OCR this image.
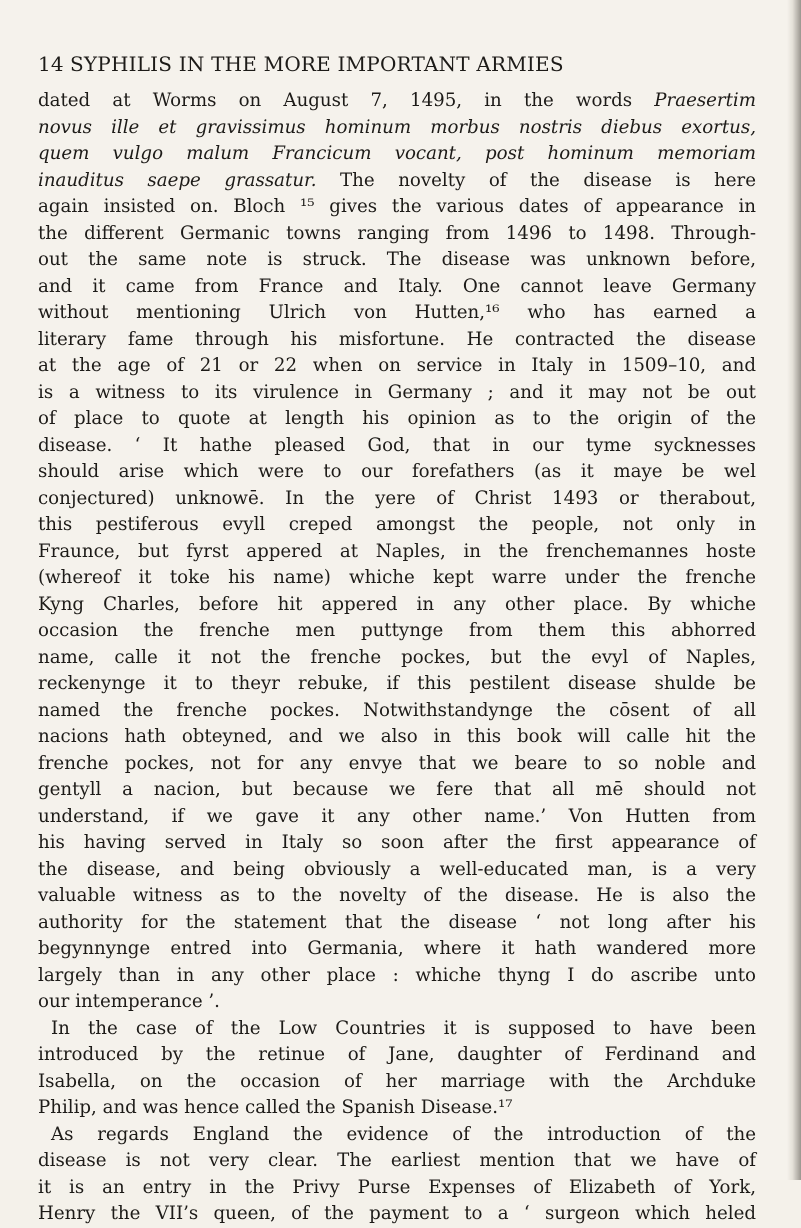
14 SYPHILIS IN THE MORE IMPORTANT ARMIES
dated at Worms on August 7, 1495, in the words Praesertim
novus ille et gravissimus hominum morbus nostris diebus exortus,
quem vulgo malum Francicum vocant, post hominum memoriam
inauditus saepe grassatur. The novelty of the disease is here
again insisted on. Bloch ¹⁵ gives the various dates of appearance in
the different Germanic towns ranging from 1496 to 1498. Through-
out the same note is struck. The disease was unknown before,
and it came from France and Italy. One cannot leave Germany
without mentioning Ulrich von Hutten,¹⁶ who has earned a
literary fame through his misfortune. He contracted the disease
at the age of 21 or 22 when on service in Italy in 1509–10, and
is a witness to its virulence in Germany ; and it may not be out
of place to quote at length his opinion as to the origin of the
disease. ‘ It hathe pleased God, that in our tyme sycknesses
should arise which were to our forefathers (as it maye be wel
conjectured) unknowē. In the yere of Christ 1493 or therabout,
this pestiferous evyll creped amongst the people, not only in
Fraunce, but fyrst appered at Naples, in the frenchemannes hoste
(whereof it toke his name) whiche kept warre under the frenche
Kyng Charles, before hit appered in any other place. By whiche
occasion the frenche men puttynge from them this abhorred
name, calle it not the frenche pockes, but the evyl of Naples,
reckenynge it to theyr rebuke, if this pestilent disease shulde be
named the frenche pockes. Notwithstandynge the cōsent of all
nacions hath obteyned, and we also in this book will calle hit the
frenche pockes, not for any envye that we beare to so noble and
gentyll a nacion, but because we fere that all mē should not
understand, if we gave it any other name.’ Von Hutten from
his having served in Italy so soon after the first appearance of
the disease, and being obviously a well-educated man, is a very
valuable witness as to the novelty of the disease. He is also the
authority for the statement that the disease ‘ not long after his
begynnynge entred into Germania, where it hath wandered more
largely than in any other place : whiche thyng I do ascribe unto
our intemperance ’.
In the case of the Low Countries it is supposed to have been
introduced by the retinue of Jane, daughter of Ferdinand and
Isabella, on the occasion of her marriage with the Archduke
Philip, and was hence called the Spanish Disease.¹⁷
As regards England the evidence of the introduction of the
disease is not very clear. The earliest mention that we have of
it is an entry in the Privy Purse Expenses of Elizabeth of York,
Henry the VII’s queen, of the payment to a ‘ surgeon which heled
